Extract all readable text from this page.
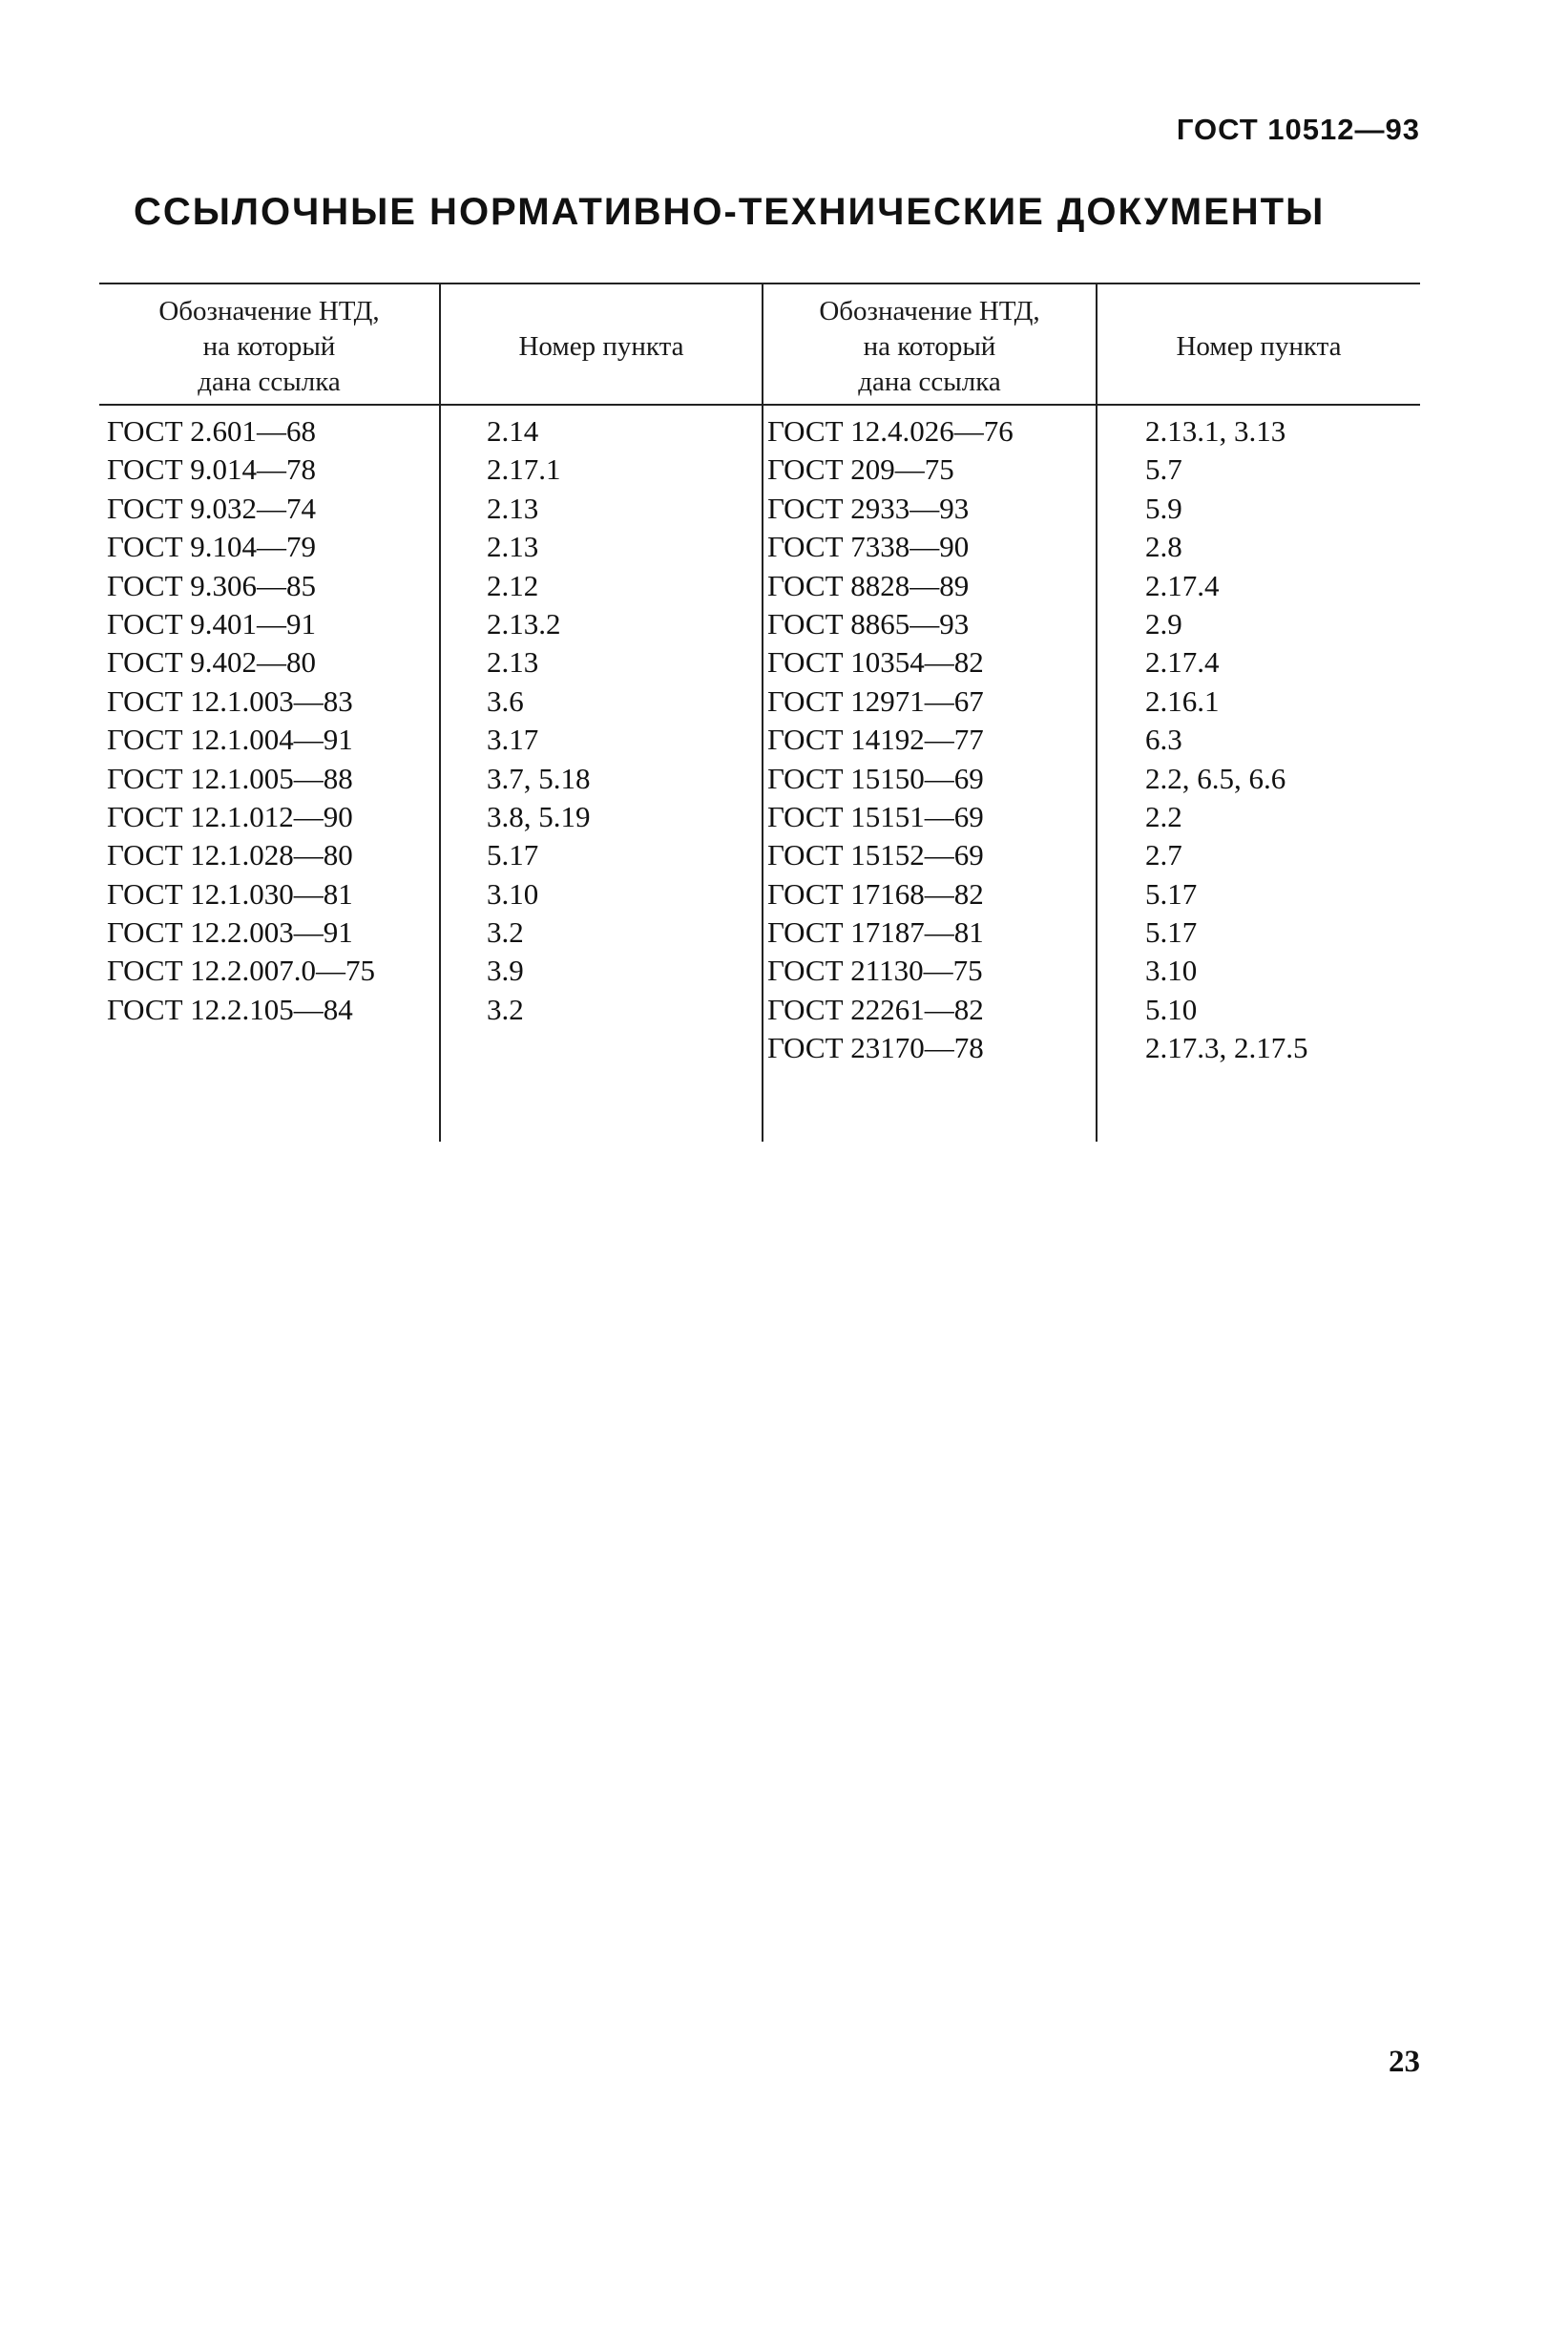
ГОСТ 10512—93
ССЫЛОЧНЫЕ НОРМАТИВНО-ТЕХНИЧЕСКИЕ ДОКУМЕНТЫ
Обозначение НТД,
на который
дана ссылка
Номер пункта
Обозначение НТД,
на который
дана ссылка
Номер пункта
ГОСТ 2.601—68
ГОСТ 9.014—78
ГОСТ 9.032—74
ГОСТ 9.104—79
ГОСТ 9.306—85
ГОСТ 9.401—91
ГОСТ 9.402—80
ГОСТ 12.1.003—83
ГОСТ 12.1.004—91
ГОСТ 12.1.005—88
ГОСТ 12.1.012—90
ГОСТ 12.1.028—80
ГОСТ 12.1.030—81
ГОСТ 12.2.003—91
ГОСТ 12.2.007.0—75
ГОСТ 12.2.105—84
2.14
2.17.1
2.13
2.13
2.12
2.13.2
2.13
3.6
3.17
3.7, 5.18
3.8, 5.19
5.17
3.10
3.2
3.9
3.2
ГОСТ 12.4.026—76
ГОСТ 209—75
ГОСТ 2933—93
ГОСТ 7338—90
ГОСТ 8828—89
ГОСТ 8865—93
ГОСТ 10354—82
ГОСТ 12971—67
ГОСТ 14192—77
ГОСТ 15150—69
ГОСТ 15151—69
ГОСТ 15152—69
ГОСТ 17168—82
ГОСТ 17187—81
ГОСТ 21130—75
ГОСТ 22261—82
ГОСТ 23170—78
2.13.1, 3.13
5.7
5.9
2.8
2.17.4
2.9
2.17.4
2.16.1
6.3
2.2, 6.5, 6.6
2.2
2.7
5.17
5.17
3.10
5.10
2.17.3, 2.17.5
23
